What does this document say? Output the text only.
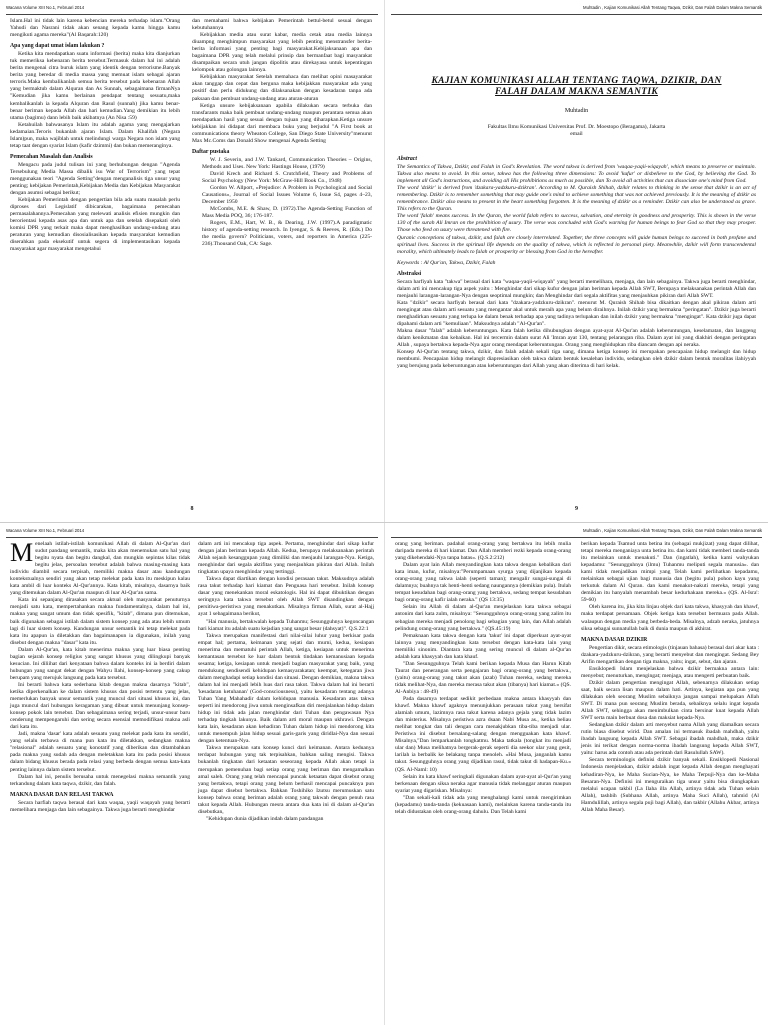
Wacana Volume XIII No.1, Februari 2014

Islam.Hal ini tidak lain karena kebencian mereka terhadap islam."Orang Yahudi dan Nasrani tidak akan senang kepada kamu hingga kamu mengikuti agama mereka"(Al Baqarah:120)

Apa yang dapat umat islam lakukan ?

Ketika kita mendapatkan suatu informasi (berita) maka kita dianjurkan tuk memeriksa kebenaran berita tersebut.Termasuk dalam hal ini adalah berita mengenai citra buruk islam yang identik dengan terrorisme.Banyak berita yang beredar di media massa yang memuat islam sebagai ajaran terroris.Maka kembalikanlah semua berita tersebut pada kebenaran Allah yang bermaktub dalam Alquran dan As Sunnah, sebagaimana firmanNya "Kemudian jika kamu berlainan pendapat tentang sesuatu,maka kembalikanlah ia kepada Alquran dan Rasul (sunnah) jika kamu benar-benar beriman kepada Allah dan hari kemudian.Yang demikian itu lebih utama (bagimu) dann lebih baik akibatnya (An Nisa :59)

Ketahuilah bahwasanya Islam itu adalah agama yang mengajarkan kedamaian.Teroris bukanlah ajaran Islam. Dalam Khalifah (Negara Islam)pun, maka wajiblah untuk melindungi warga Negara non islam yang tetap taat dengan syariat Islam (kafir dzimmi) dan bukan memeranginya.

Pemecahan Masalah dan Analisis

Mengacu pada judul tulisan ini yang berhubungan dengan "Agenda Tersebulung Media Massa dibalik isu War of Terrorism" yang tepat menggunakan teori "Agenda Setting"dengan menganalisis tiga unsur yang penting; kebijakan Pemerintah,Kebijakan Media dan Kebijakan Masyarakat dengan asumsi sebagai berikut;

Kebijakan Pemerintah dengan pengertian bila ada suatu masalah perlu diproses dari Legislatif dibicarakan, bagaimana pemecahan permasalahannya.Pemecahan yang melewati analisis efisien mungkin dan berorientasi kepada asas apa dan untuk apa dan setelah disepakati oleh komisi DPR yang terkait maka dapat menghasilkan undang-undang atau peraturan yang kemudian disosialisasikan kepada masyarakat kemudian diserahkan pada eksekutif untuk segera di implementasikan kepada masyarakat agar masyarakat mengetahui

dan memahami bahwa kebijakan Pemerintah bettul-betul sesuai dengan kebutuhannya

Kebijakkan media atau surat kabar, media cetak atau media lainnya diuampng menghimpun masyarakat yang lebih penting menstransfer berita-berita informasi yang penting bagi masyarakat.Kebijaksanaan apa dan bagaimana DPR yang telah melalui prinsip dan bermanfaat bagi masyarakat disampaikan secara utuh jangan dipolitis atau direkayasa untuk kepentingan kelompok atau golongan lainnya.

Kebijakkan masyarakat Setelah memahaca dan melihat opini masayarakat akan tanggap dan cepat dan berguna maka kebijakkan masyarakat ada yang positif dan perlu didukung dan dilaksanakan dengan kesadaran tanpa ada paksaan dan pembuat undang-undang atau aturan-aturan

Ketiga unsure kebijaksanaan apabila dilakukan secara terbuka dan transfarants maka baik pembuat undang-undang maupun perantara semua akan mendapatkan hasil yang sesuai dengan tujuan yang diharapkan.Ketiga unsure kebijakkan ini didapat dari membaca buku yang berjudul "A First book at communications theory Wheaton College, San Diego State University"menurut Max Mc.Coms dan Donald Show mengenai Agenda Setting

Daftar pustaka

W. J. Severin, and J.W. Tankard, Communication Theories – Origins, Methods and Uses. New York: Hastings House, (1979)

David Krech and Richard S. Crutchfield, Theory and Problems of Social Psychology (New York: McGraw-Hill Book Co., 1948)

Gordon W. Allport, «Prejudice: A Problem in Psychological and Social Causations», Journal of Social Issues Volume 6, Issue S4, pages 4–23, December 1950

McCombs, M.E. & Shaw, D. (1972).The Agenda-Setting Function of Mass Media POQ, 36; 176-187.

Rogers, E.M., Hart, W. B., & Dearing, J.W. (1997).A paradigmatic history of agenda-setting research. In Iyengar, S. & Reeves, R. (Eds.) Do the media govern? Politicians, voters, and reporters in America (225-236).Thousand Oak, CA: Sage.

8
Muhtadin , Kajian Komunikasi Allah Tentang Taqwa, Dzikir, Dan Falah Dalam Makna Semantik
KAJIAN KOMUNIKASI ALLAH TENTANG TAQWA, DZIKIR, DAN FALAH DALAM MAKNA SEMANTIK
Muhtadin
Fakultas Ilmu Komunikasi Universitas Prof. Dr. Moestopo (Beragama), Jakarta
email
Abstract
The Semantics of Takwa, Dzikir, and Falah in God's Revelation. The word takwa is derived from 'waqaa-yaqii-wiqayah', which means to preserve or maintain. Takwa also means to avoid. In this sense, takwa has the following three dimensions: To avoid 'kufur' or disbelieve to the God, by believing the God. To implement all God's instructions, and avoiding all His prohibitions as much as possible, dan To avoid all activities that can dissociate one's mind from God.
The word 'dzikir' is derived from 'dzakara-yadzkuru-dzikran'. According to M. Quraish Shihab, dzikir relates to thinking in the sense that dzikir is an act of remembering. Dzikir is to remember something that may guide one's mind to achieve something that was not achieved previously. It is the meaning of dzikir as remembrance. Dzikir also means to present in the heart something forgotten. It is the meaning of dzikir as a reminder. Dzikir can also be understood as grace. This refers to the Quran.
The word 'falah' means success. In the Quran, the world falah refers to success, salvation, and eternity in goodness and prosperity. This is shown in the verse 130 of the surah Ali Imran on the prohibition of usury. The verse was concluded with God's warning for human beings to fear God so that they may prosper. Those who feed on usury were threatened with fire.
Quranic conceptions of takwa, dzikir, and falah are closely interrelated. Together, the three concepts will guide human beings to succeed in both profane and spiritual lives. Success in the spiritual life depends on the quality of takwa, which is reflected in personal piety. Meanwhile, dzikir will form transcendental morality, which ultimately leads to falah or prosperity or blessing from God in the hereafter.
Keywords : Al Qur'an, Takwa, Dzikir, Falah
Abstraksi
Secara harfiyah kata "takwa" berasal dari kata "waqaa-yaqii-wiqayah" yang berarti memelihara, menjaga, dan lain sebagainya. Takwa juga berarti menghindar, dalam arti ini mencakup tiga aspek yaitu : Menghindar dari sikap kufur dengan jalan beriman kepada Allah SWT, Berupaya melaksanakan perintah Allah dan menjauhi larangan-larangan-Nya dengan seoptimal mungkin; dan Menghindar dari segala aktifitas yang menjauhkan pikiran dari Allah SWT.
Kata "dzikir" secara harfiyah berasal dari kata "dzakara-yadzkuru-dzikran". menurut M. Quraish Shihab bisa dikaitkan dengan akal pikiran dalam arti mengingat atau dalam arti sesuatu yang mengantar akal untuk meraih apa yang belum diraihnya. Inilah dzikir yang bermakna "peringatan". Dzikir juga berarti menghadirkan sesuatu yang terlupa ke dalam benak terhadap apa yang tadinya terlupakan dan inilah dzikir yang bermakna "mengingat". Kata dzikir juga dapat dipahami dalam arti "kemuliaan". Maksudnya adalah "Al-Qur'an".
Makna dasar "falah" adalah keberuntungan. Kata falah ketika dihubungkan dengan ayat-ayat Al-Qur'an adalah keberuntungan, keselamatan, dan langgeng dalam kenikmatan dan kebaikan. Hal ini tercermin dalam surat Ali 'Imran ayat 130, tentang pelarangan riba. Dalam ayat ini yang diakhiri dengan peringatan Allah , supaya bertakwa kepada-Nya agar orang mendapat keberuntungan. Orang yang menghidupkan riba diancam dengan api neraka.
Konsep Al-Qur'an tentang takwa, dzikir, dan falah adalah sekali tiga uang, dimana ketiga konsep ini merupakan pencapaian hidup melangit dan hidup membumi. Pencapaian hidup melangit diapresiasikan oleh takwa dalam bentuk kesalehan individu, sedangkan oleh dzikir dalam bentuk moralitas ilahiyyah yang berujung pada keberuntungan atau keberuntungan dari Allah yang akan diterima di hari kelak.
9
Wacana Volume XIII No.1, Februari 2014

Menelaah istilah-istilah komunikasi Allah di dalam Al-Qur'an dari sudut pandang semantik, maka kita akan menemukan satu hal yang begitu nyata dan begitu dangkal, dan mungkin sepintas kilas tidak begitu jelas, persoalan tersebut adalah bahwa masing-masing kata individu diambil secara terpisah, memiliki makna dasar atau kandungan kontekstualnya sendiri yang akan tetap melekat pada kata itu meskipun kalau kata ambil di luar konteks Al-Qur'annya. Kata kitab, misalnya, dasarnya baik yang ditemukan dalam Al-Qur'an maupun di luar Al-Qur'an sama.

Kata ini sepanjang dirasakan secara aktual oleh masyarakat penuturnya menjadi satu kata, mempertahankan makna fundamentalnya, dalam hal ini, makna yang sangat umum dan tidak spesifik, "kitab", dimana pun ditemukan, baik digunakan sebagai istilah dalam sistem konsep yang ada atau lebih umum lagi di luar sistem konsep. Kandungan unsur semantik ini tetap melekat pada kata itu apapun ia diletakkan dan bagaimanapun ia digunakan, inilah yang disebut dengan makna "dasar" kata itu.

Dalam Al-Qur'an, kata kitab menerima makna yang luar biasa penting bagian sejarah konsep religius yang sangat khusus yang dilingkupi banyak kesucian. Ini diliihat dari kenyataan bahwa dalam konteks ini ia berdiri dalam hubungan yang sangat dekat dengan Wahyu Ilahi, konsep-konsep yang cakup berupam yang merujuk langsung pada kata tersebut.

Ini berarti bahwa kata sederhana kitab dengan makna dasarnya "kitab", ketika diperkenalkan ke dalam sistem khusus dan posisi tertentu yang jelas, memerlukan banyak unsur semantik yang muncul dari situasi khusus ini, dan juga muncul dari hubungan keragaman yang dibuat untuk menunjang konsep-konsep pokok lain tersebut. Dan sebagaimana sering terjadi, unsur-unsur baru cenderung mempengaruhi dan sering secara esensial memodifikasi makna asli dari kata itu.

Jadi, makna 'dasar' kata adalah sesuatu yang melekat pada kata itu sendiri, yang selalu terbawa di mana pun kata itu diletakkan, sedangkan makna "relasional" adalah sesuatu yang konotatif yang diberikan dan ditambahkan pada makna yang sudah ada dengan meletakkan kata itu pada posisi khusus dalam bidang khusus berada pada relasi yang berbeda dengan semua kata-kata penting lainnya dalam sistem tersebut.

Dalam hal ini, penulis berusaha untuk menegelasi makna semantik yang terkandung dalam kata taqwa, dzikir, dan falah.

MAKNA DASAR DAN RELASI TAKWA

Secara harfiah taqwa berasal dari kata waqaa, yaqii waqayah yang berarti memelihara menjaga dan lain sebagainya. Takwa juga berarti menghindar

dalam arti ini mencakup tiga aspek. Pertama, menghindar dari sikap kufur dengan jalan beriman kepada Allah. Kedua, berupaya melaksanakan perintah Allah sejauh kesanggupan yang dimiliki dan menjauhi larangan-Nya. Ketiga, menghindar dari segala aktifitas yang menjauhkan pikiran dari Allah. Inilah tingkatan upaya menghindar yang tertinggi.

Takwa dapat diartikan dengan kondisi perasaan takut. Maksudnya adalah rasa takut terhadap hari kiamat dan Penguasa hari tersebut. Inilah konsep dasar yang menekankan moral eskatologis. Hal ini dapat dibuktikan dengan seringnya kata takwa tersebut oleh Allah SWT disandingkan dengan persitiwa-peristiwa yang menakutkan. Misalnya firman Allah, surat al-Hajj ayat 1 sebagaimana berikut,

"Hai manusia, bertakwalah kepada Tuhanmu; Sesungguhnya kegoncangan hari kiamat itu adalah suatu kejadian yang sangat besar (dahsyat)". Q.S.22:1

Takwa merupakan manifestasi dari nilai-nilai luhur yang berkisar pada empat hal; pertama, keimanan yang sejati dan murni, kedua, kesiapan menerima dan mematuhi perintah Allah, ketiga, kesiapan untuk menerima kemantasan tersebut ke luar dalam bentuk tindakan kemanusiaan kepada sesama; ketiga, kesiapan untuk menjadi bagian masyarakat yang baik, yang mendukung sendisendi kehidupan kemasyarakatan; keempat, ketegaran jiwa dalam menghadapi setiap kondisi dan situasi. Dengan demikian, makna takwa dalam hal ini menjadi lebih luas dari rasa takut. Takwa dalam hal ini berarti 'kesadaran ketuhanan' (God-consciousness), yaitu kesadaran tentang adanya Tuhan Yang Mahahadir dalam kehidupan manusia. Kesadaran atas takwa seperti ini mendorong jiwa untuk menginsafkan diri menjalankan hidup dalam hidup ini tidak ada jalan menghindar dari Tuhan dan pengawasan Nya terhadap tingkah lakunya. Baik dalam arti moral maupun ukhrawi. Dengan kata lain, kesadaran akan kehadiran Tuhan dalam hidup ini mendorong kita untuk menempuh jalan hidup sesuai garis-garis yang diridlai-Nya dan sesuai dengan ketentuan-Nya.

Takwa merupakan satu konsep kunci dari keimanan. Antara keduanya terdapat hubungan yang tak terpisahkan, bahkan saling mengisi. Takwa bukanlah tingkatan dari ketaatan seseorang kepada Allah akan tetapi ia merupakan pemenuhan bagi setiap orang yang beriman dan mengamalkan amal saleh. Orang yang telah mencapai puncak ketaatan dapat disebut orang yang bertakwa, tetapi orang yang belum berhasil mencapai puncaknya pun juga dapat disebut bertakwa. Bahkan Toshihiko Izutsu merumuskan satu konsep bahwa orang beriman adalah orang yang takwah dengan penuh rasa takut kepada Allah. Hubungan mesra antara dua kata ini di dalam al-Qur'an disebutkan,

"Kehidupan dunia dijadikan indah dalam pandangan

Muhtadin , Kajian Komunikasi Allah Tentang Taqwa, Dzikir, Dan Falah Dalam Makna Semantik

orang yang beriman. padahal orang-orang yang bertakwa itu lebih mulia daripada mereka di hari kiamat. Dan Allah memberi rezki kepada orang-orang yang dikehendaki-Nya tanpa batas». (Q.S.2:212)

Dalam ayat lain Allah menyandingkan kata takwa dengan kebalikan dari kata iman, kufur, misalnya:"Perumpamaan syurga yang dijanjikan kepada orang-orang yang takwa ialah (seperti taman); mengalir sungai-sungai di dalamnya; buahnya tak henti-henti sedang naungannya (demikian pula). Itulah tempat kesudahan bagi orang-orang yang bertakwa, sedang tempat kesudahan bagi orang-orang kafir ialah neraka." (QS 13:35)

Selain itu Allah di dalam al-Qur'an menjelaskan kata takwa sebagai antonim dari kata zulm, misalnya: "Sesungguhnya orang-orang yang zalim itu sebagian mereka menjadi penolong bagi sebagian yang lain, dan Allah adalah pelindung orang-orang yang bertakwa." (QS.45:19)

Pemaknaan kata takwa dengan kata 'takut' ini dapat diperkuat ayat-ayat lainnya yang menyandingkan kata tersebut dengan kata-kata lain yang memiliki sinonim. Diantara kata yang sering muncul di dalam al-Qur'an adalah kata khasyyah dan kata khauf.

"Dan Sesungguhnya Telah kami berikan kepada Musa dan Harun Kitab Taurat dan penerangan serta pengajaran bagi orang-orang yang bertakwa., (yaitu) orang-orang yang takut akan (azab) Tuhan mereka, sedang mereka tidak melihat-Nya, dan mereka merasa takut akan (tibanya) hari kiamat.» (QS. Al-Anbiya : 48-49)

Pada dasarnya terdapat sedikit perbedaan makna antara khasyyah dan khawf. Makna khawf agaknya menunjukkan perasaan takut yang bersifat alamiah umum, lazimnya rasa takut karena adanya gejala yang tidak lazim dan misterius. Misalnya peristiwa azra dsaan Nabi Musa as., ketika beliau melihat tongkat dan tali dengan cara menakjubkan tiba-tiba menjadi ular. Peristiwa ini disebut bersalang-salang dengan mengguakan kata khawf. Misalnya,"Dan lemparkanlah tongkatmu. Maka tatkala (tongkat itu menjadi ular dan) Musa melihatnya bergerak-gerak seperti dia seekor ular yang gesit, larilah ia berbalik ke belakang tanpa menoleh. «Hai Musa, janganlah kamu takut. Sesungguhnya orang yang dijadikan rasul, tidak takut di hadapan-Ku.» (QS. Al-Naml: 10)

Selain itu kata khawf seringkali digunakan dalam ayat-ayat al-Qur'an yang berkenaan dengan siksa neraka agar manusia tidak melanggar aturan maupun syariat yang digariskan. Misalnya:

"Dan sekali-kali tidak ada yang menghalangi kami untuk mengirimkan (kepadamu) tanda-tanda (kekuasaan kami), melainkan karena tanda-tanda itu telah didustakan oleh orang-orang dahulu. Dan Telah kami

berikan kepada Tsamud unta betina itu (sebagai mukjizat) yang dapat dilihat, tetapi mereka menganiaya unta betina itu. dan kami tidak memberi tanda-tanda itu melainkan untuk menakuti." Dan (ingatlah), ketika kami wahyukan kepadamu: "Sesungguhnya (ilmu) Tuhanmu meliputi segala manusia». dan kami tidak menjadikan mimpi yang Telah kami perlihatkan kepadamu, melainkan sebagai ujian bagi manusia dan (begitu pula) pohon kayu yang terkutuk dalam Al Quran. dan kami menakut-nakuti mereka, tetapi yang demikian itu hanyalah menambah besar kedurhakaan mereka.» (QS. Al-Isra': 59-60)

Oleh karena itu, jika kita linjau objek dari kata takwa, khasyyah dan khawf, maka terdapat persamaan. Objek ketiga kata tersebut bermuara pada Allah. walaupun dengan media yang berbeda-beda. Misalnya, adzab neraka, jatuhnya siksa sebagai sunnatullah baik di dunia maupun di akhirat.

MAKNA DASAR DZIKIR

Pengertian dikir, secara etimologis (tinjauan bahasa) berasal dari akar kata : dzakara-yadzkuru-dzikran, yang berarti menyebut dan mengingat. Sedang Bey Arifin mengartikan dengan tiga makna, yaitu; ingat, sebut, dan ajaran.

Ensiklopedi Islam menjelaskan bahwa dzikir bermakna antara lain: menyebut; menuturkan, mengingat; menjaga, atau mengerti perbuatan baik.

Dzikir dalam pengertian mengingat Allah, sebenarnya dilakukan setiap saat, baik secara lisan maupun dalam hati. Artinya, kegiatan apa pun yang dilakukan oleh seorang Muslim sebaiknya jangan sampai melupakan Allah SWT. Di mana pun seorang Muslim berada, sebaiknya selalu ingat kepada Allah SWT, sehingga akan menimbulkan cinta bersinar kuat kepada Allah SWT serta main berbuat dosa dan maksiat kepada-Nya.

Sedangkan dzikir dalam arti menyebut nama Allah yang diamalkan secara rutin biasa disebut wirid. Dan amalan ini termasuk ibadah mahdhah, yaitu ibadah langsung kepada Allah SWT. Sebagai ibadah mahdhah, maka dzikir jenis ini terikat dengan norma-norma ibadah langsung kepada Allah SWT, yaitu: harus ada contoh atau ada perintah dari Rasulullah SAW).

Secara terminologis definisi dzikir banyak sekali. Ensiklopedi Nasional Indonesia menjelaskan, dzikir adalah ingat kepada Allah dengan menghayati kehadiran-Nya, ke Maha Sucian-Nya, ke Maha Terpuji-Nya dan ke-Maha Besaran-Nya. Definisi ini menguraikan tiga unsur yaitu bisa diungkapkan melalui ucapan takbil (La Ilaha illa Allah, artinya tidak ada Tuhan selain Allah), tashbih (Subhana Allah, artinya Maha Suci Allah), tahmid (Al Hamdulillah, artinya segala puji bagi Allah), dan takbir (Allahu Akbar, artinya Allah Maha Besar).
